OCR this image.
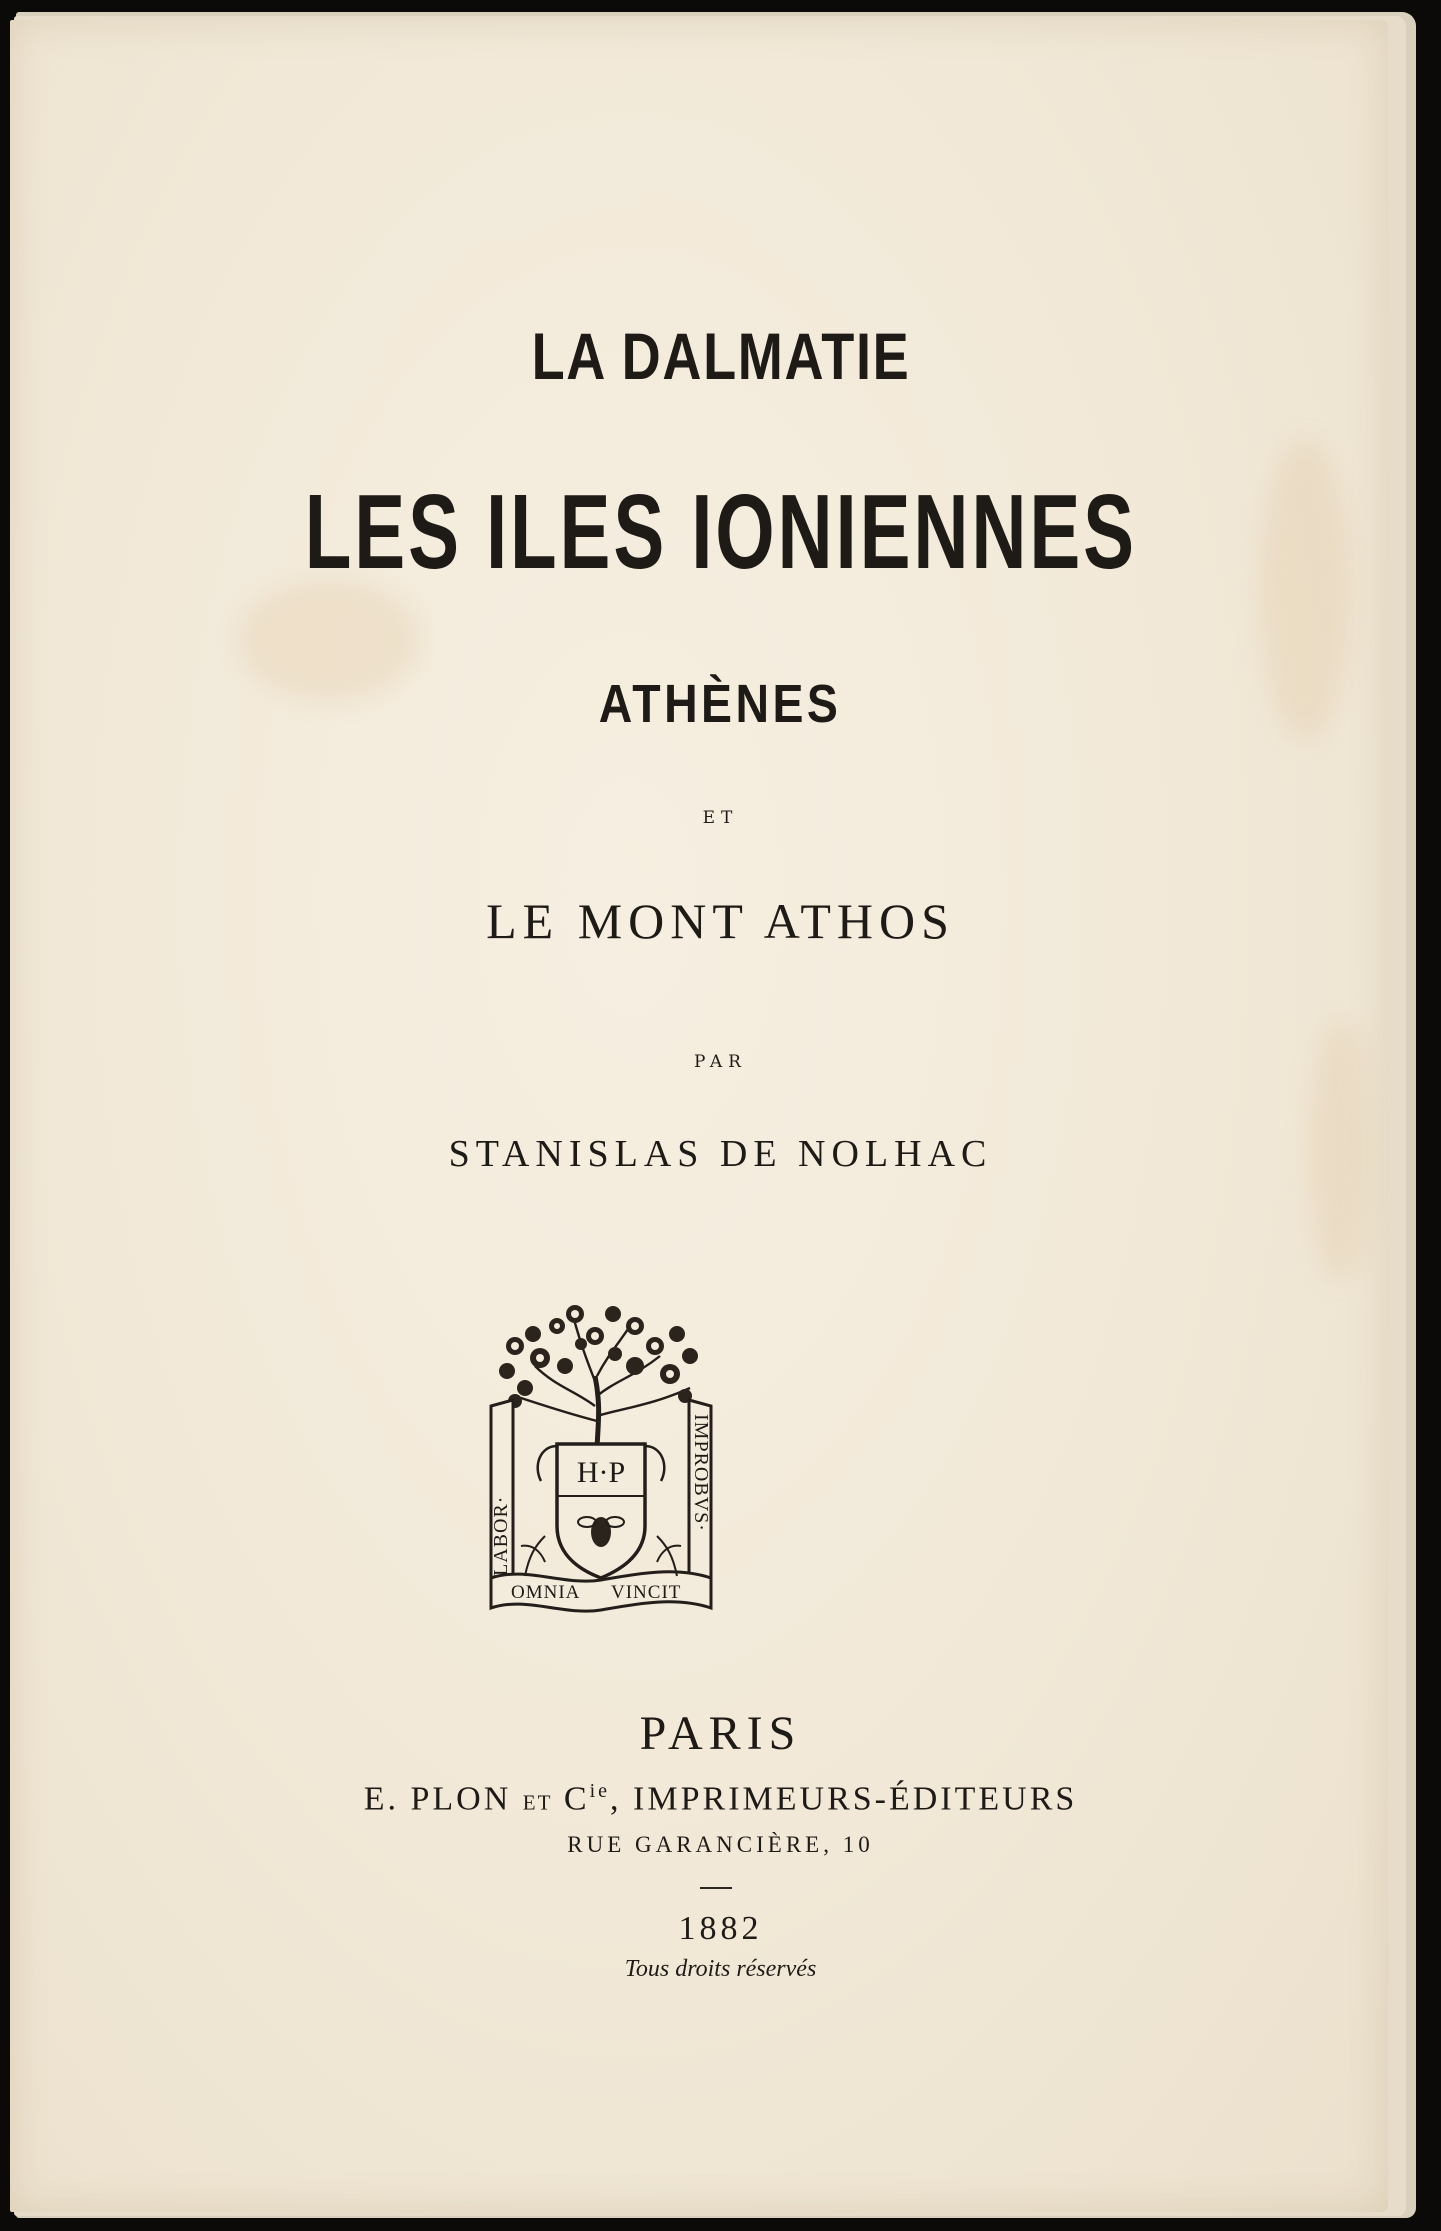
LA DALMATIE
LES ILES IONIENNES
ATHÈNES
ET
LE MONT ATHOS
PAR
STANISLAS DE NOLHAC
LABOR·
IMPROBVS·
OMNIA VINCIT
H·P
PARIS
E. PLON ET $C^{ie}$, IMPRIMEURS-ÉDITEURS
RUE GARANCIÈRE, 10
1882
Tous droits réservés
